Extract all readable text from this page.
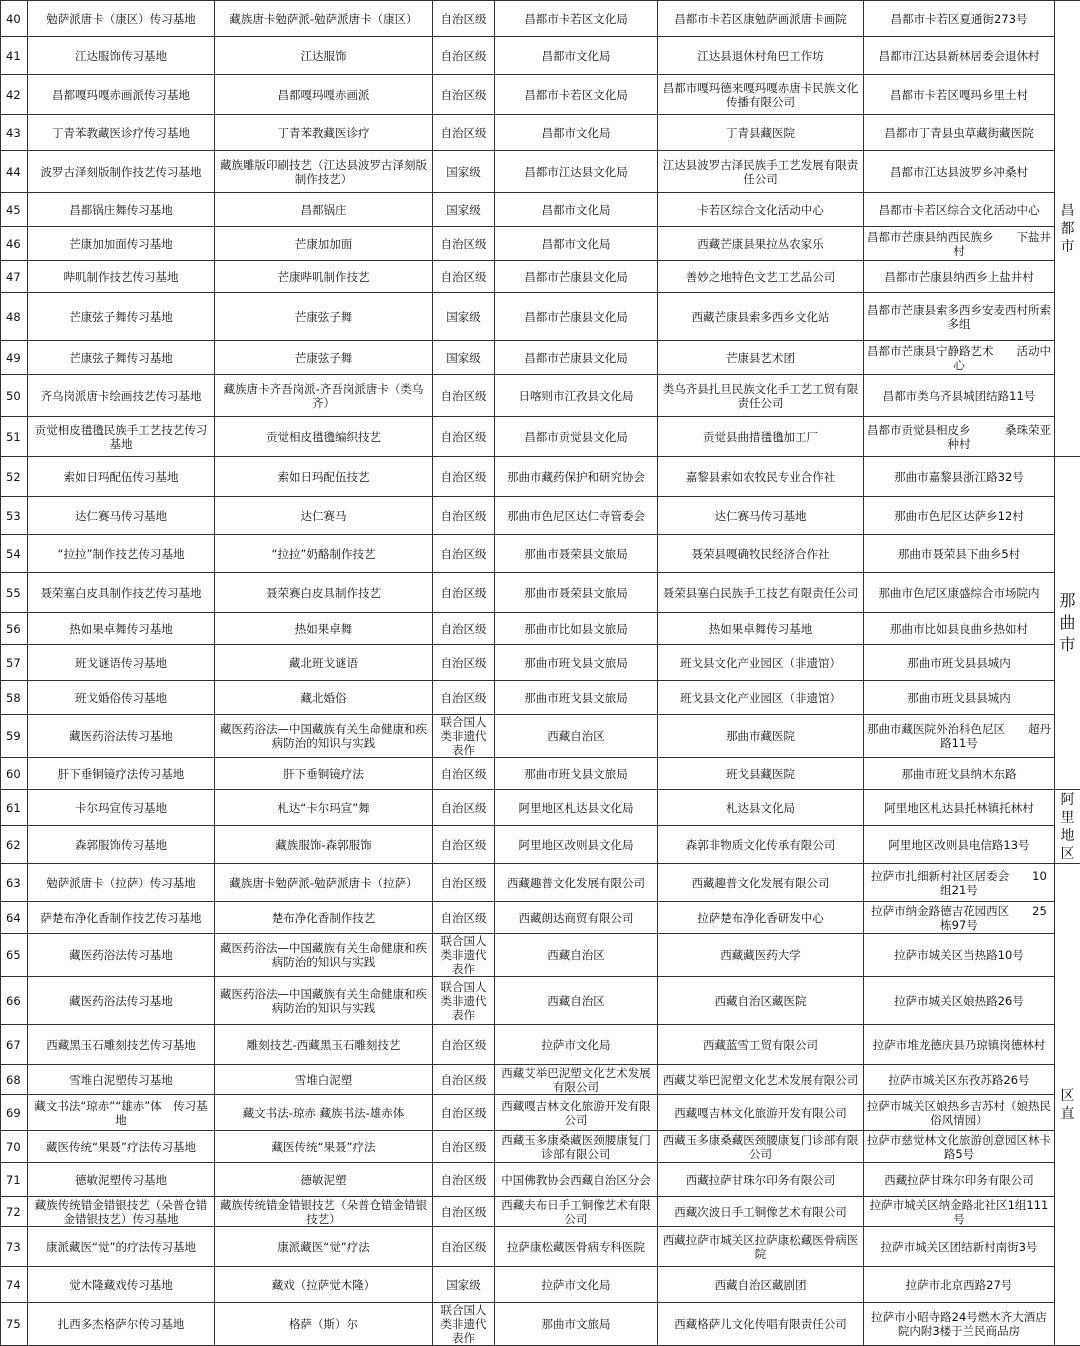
40	勉萨派唐卡（康区）传习基地	藏族唐卡勉萨派-勉萨派唐卡（康区）	自治区级	昌都市卡若区文化局	昌都市卡若区康勉萨画派唐卡画院	昌都市卡若区夏通街273号	昌都市

41	江达服饰传习基地	江达服饰	自治区级	昌都市文化局	江达县退休村角巴工作坊	昌都市江达县新林居委会退休村	
42	昌都嘎玛嘎赤画派传习基地	昌都嘎玛嘎赤画派	自治区级	昌都市卡若区文化局	昌都市嘎玛德来嘎玛嘎赤唐卡民族文化传播有限公司	昌都市卡若区嘎玛乡里土村	
43	丁青苯教藏医诊疗传习基地	丁青苯教藏医诊疗	自治区级	昌都市文化局	丁青县藏医院	昌都市丁青县虫草藏街藏医院	
44	波罗古泽刻版制作技艺传习基地	藏族雕版印刷技艺（江达县波罗古泽刻版制作技艺）	国家级	昌都市江达县文化局	江达县波罗古泽民族手工艺发展有限责任公司	昌都市江达县波罗乡冲桑村	
45	昌都锅庄舞传习基地	昌都锅庄	国家级	昌都市文化局	卡若区综合文化活动中心	昌都市卡若区综合文化活动中心	
46	芒康加加面传习基地	芒康加加面	自治区级	昌都市文化局	西藏芒康县果拉丛农家乐	昌都市芒康县纳西民族乡　　下盐井村	
47	哔叽制作技艺传习基地	芒康哔叽制作技艺	自治区级	昌都市芒康县文化局	善妙之地特色文艺工艺品公司	昌都市芒康县纳西乡上盐井村	
48	芒康弦子舞传习基地	芒康弦子舞	国家级	昌都市芒康县文化局	西藏芒康县索多西乡文化站	昌都市芒康县索多西乡安麦西村所索多组	
49	芒康弦子舞传习基地	芒康弦子舞	国家级	昌都市芒康县文化局	芒康县艺术团	昌都市芒康县宁静路艺术　　活动中心	
50	齐乌岗派唐卡绘画技艺传习基地	藏族唐卡齐吾岗派-齐吾岗派唐卡（类乌齐）	自治区级	日喀则市江孜县文化局	类乌齐县扎旦民族文化手工艺工贸有限责任公司	昌都市类乌齐县城团结路11号	
51	贡觉相皮氆氇民族手工艺技艺传习基地	贡觉相皮氆氇编织技艺	自治区级	昌都市贡觉县文化局	贡觉县曲措氆氇加工厂	昌都市贡觉县相皮乡　　　桑珠荣亚种村	
52	索如日玛配伍传习基地	索如日玛配伍技艺	自治区级	那曲市藏药保护和研究协会	嘉黎县索如农牧民专业合作社	那曲市嘉黎县浙江路32号	那曲市

53	达仁赛马传习基地	达仁赛马	自治区级	那曲市色尼区达仁寺管委会	达仁赛马传习基地	那曲市色尼区达萨乡12村	
54	“拉拉”制作技艺传习基地	“拉拉”奶酪制作技艺	自治区级	那曲市聂荣县文旅局	聂荣县嘎确牧民经济合作社	那曲市聂荣县下曲乡5村	
55	聂荣塞白皮具制作技艺传习基地	聂荣赛白皮具制作技艺	自治区级	那曲市聂荣县文旅局	聂荣县塞白民族手工技艺有限责任公司	那曲市色尼区康盛综合市场院内	
56	热如果卓舞传习基地	热如果卓舞	自治区级	那曲市比如县文旅局	热如果卓舞传习基地	那曲市比如县良曲乡热如村	
57	班戈谜语传习基地	藏北班戈谜语	自治区级	那曲市班戈县文旅局	班戈县文化产业园区（非遗馆）	那曲市班戈县县城内	
58	班戈婚俗传习基地	藏北婚俗	自治区级	那曲市班戈县文旅局	班戈县文化产业园区（非遗馆）	那曲市班戈县县城内	
59	藏医药浴法传习基地	藏医药浴法—中国藏族有关生命健康和疾病防治的知识与实践	联合国人类非遗代表作	西藏自治区	那曲市藏医院	那曲市藏医院外治科色尼区　　超丹路11号	
60	肝下垂铜镜疗法传习基地	肝下垂铜镜疗法	自治区级	那曲市班戈县文旅局	班戈县藏医院	那曲市班戈县纳木东路	
61	卡尔玛宣传习基地	札达“卡尔玛宣”舞	自治区级	阿里地区札达县文化局	札达县文化局	阿里地区札达县托林镇托林村	阿里地区

62	森郭服饰传习基地	藏族服饰-森郭服饰	自治区级	阿里地区改则县文化局	森郭非物质文化传承有限公司	阿里地区改则县电信路13号	
63	勉萨派唐卡（拉萨）传习基地	藏族唐卡勉萨派-勉萨派唐卡（拉萨）	自治区级	西藏趣普文化发展有限公司	西藏趣普文化发展有限公司	拉萨市扎细新村社区居委会　　10组21号	区直

64	萨楚布净化香制作技艺传习基地	楚布净化香制作技艺	自治区级	西藏朗达商贸有限公司	拉萨楚布净化香研发中心	拉萨市纳金路德吉花园西区　　25栋97号	
65	藏医药浴法传习基地	藏医药浴法—中国藏族有关生命健康和疾病防治的知识与实践	联合国人类非遗代表作	西藏自治区	西藏藏医药大学	拉萨市城关区当热路10号	
66	藏医药浴法传习基地	藏医药浴法—中国藏族有关生命健康和疾病防治的知识与实践	联合国人类非遗代表作	西藏自治区	西藏自治区藏医院	拉萨市城关区娘热路26号	
67	西藏黑玉石雕刻技艺传习基地	雕刻技艺-西藏黑玉石雕刻技艺	自治区级	拉萨市文化局	西藏蓝雪工贸有限公司	拉萨市堆龙德庆县乃琼镇岗德林村	
68	雪堆白泥塑传习基地	雪堆白泥塑	自治区级	西藏艾举巴泥塑文化艺术发展有限公司	西藏艾举巴泥塑文化艺术发展有限公司	拉萨市城关区东孜苏路26号	
69	藏文书法“琼赤”“雄赤”体　传习基地	藏文书法-琼赤 藏族书法-雄赤体	自治区级	西藏嘎吉林文化旅游开发有限公司	西藏嘎吉林文化旅游开发有限公司	拉萨市城关区娘热乡吉苏村（娘热民俗风情园）	
70	藏医传统“果聂”疗法传习基地	藏医传统“果聂”疗法	自治区级	西藏玉多康桑藏医颈腰康复门诊部有限公司	西藏玉多康桑藏医颈腰康复门诊部有限公司	拉萨市慈觉林文化旅游创意园区林卡路5号	
71	德敏泥塑传习基地	德敏泥塑	自治区级	中国佛教协会西藏自治区分会	西藏拉萨甘珠尔印务有限公司	西藏拉萨甘珠尔印务有限公司	
72	藏族传统错金错银技艺（朵普仓错金错银技艺）传习基地	藏族传统错金错银技艺（朵普仓错金错银技艺）	自治区级	西藏夫布日手工铜像艺术有限公司	西藏次波日手工铜像艺术有限公司	拉萨市城关区纳金路北社区1组111号	
73	康派藏医“觉”的疗法传习基地	康派藏医“觉”疗法	自治区级	拉萨康松藏医骨病专科医院	西藏拉萨市城关区拉萨康松藏医骨病医院	拉萨市城关区团结新村南街3号	
74	觉木隆藏戏传习基地	藏戏（拉萨觉木隆）	国家级	拉萨市文化局	西藏自治区藏剧团	拉萨市北京西路27号	
75	扎西多杰格萨尔传习基地	格萨（斯）尔	联合国人类非遗代表作	那曲市文旅局	西藏格萨儿文化传唱有限责任公司	拉萨市小昭寺路24号燃木齐大酒店院内附3楼于兰民商品房	
